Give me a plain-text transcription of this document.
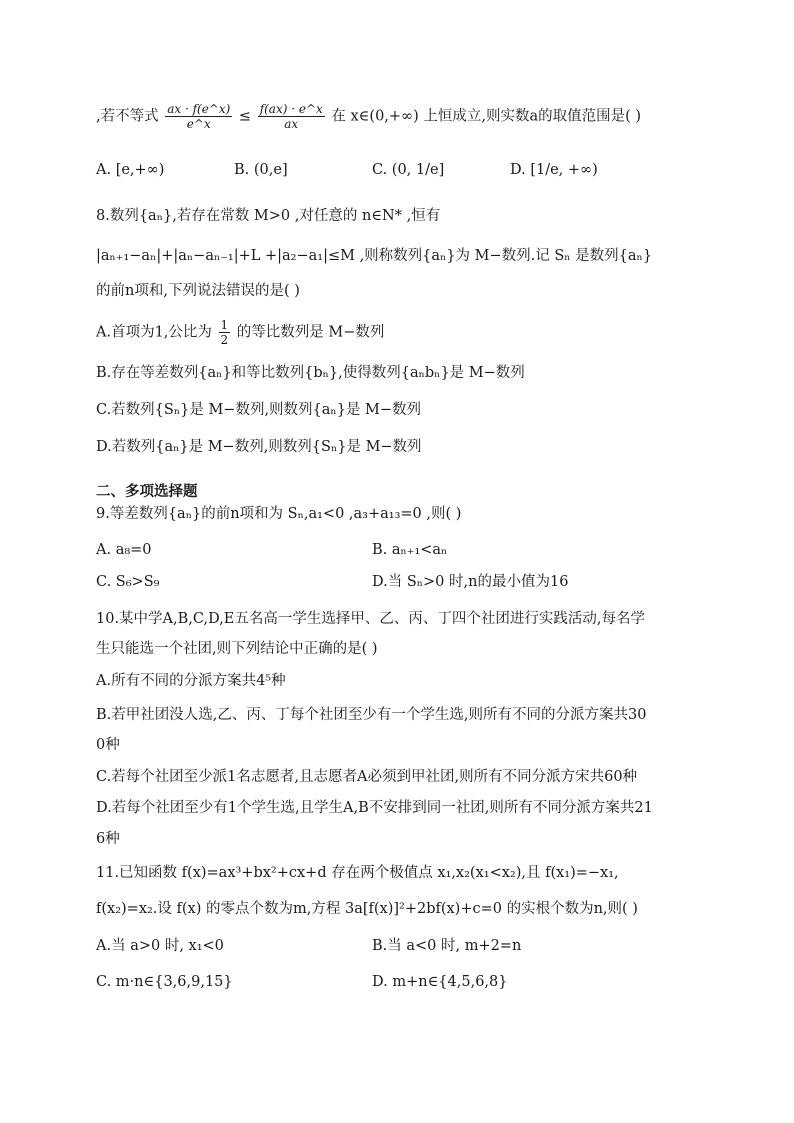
,若不等式 $\frac{ax \cdot f(e\^{}x)}{e\^{}x} \le \frac{f(ax) \cdot e\^{}x}{ax}$ 在 x∈(0,+∞) 上恒成立,则实数a的取值范围是( )
A. [e,+∞)	B. (0,e]	C. (0, 1/e]	D. [1/e, +∞)
8.数列{aₙ},若存在常数 M>0 ,对任意的 n∈N* ,恒有
|aₙ₊₁−aₙ|+|aₙ−aₙ₋₁|+L +|a₂−a₁|≤M ,则称数列{aₙ}为 M−数列.记 Sₙ 是数列{aₙ}
的前n项和,下列说法错误的是( )
A.首项为1,公比为 $\frac{1}{2}$ 的等比数列是 M−数列
B.存在等差数列{aₙ}和等比数列{bₙ},使得数列{aₙbₙ}是 M−数列
C.若数列{Sₙ}是 M−数列,则数列{aₙ}是 M−数列
D.若数列{aₙ}是 M−数列,则数列{Sₙ}是 M−数列
二、多项选择题
9.等差数列{aₙ}的前n项和为 Sₙ,a₁<0 ,a₃+a₁₃=0 ,则( )
A. a₈=0	B. aₙ₊₁<aₙ
C. S₆>S₉	D.当 Sₙ>0 时,n的最小值为16
10.某中学A,B,C,D,E五名高一学生选择甲、乙、丙、丁四个社团进行实践活动,每名学
生只能选一个社团,则下列结论中正确的是( )
A.所有不同的分派方案共4⁵种
B.若甲社团没人选,乙、丙、丁每个社团至少有一个学生选,则所有不同的分派方案共30
0种
C.若每个社团至少派1名志愿者,且志愿者A必须到甲社团,则所有不同分派方宋共60种
D.若每个社团至少有1个学生选,且学生A,B不安排到同一社团,则所有不同分派方案共21
6种
11.已知函数 f(x)=ax³+bx²+cx+d 存在两个极值点 x₁,x₂(x₁<x₂),且 f(x₁)=−x₁,
f(x₂)=x₂.设 f(x) 的零点个数为m,方程 3a[f(x)]²+2bf(x)+c=0 的实根个数为n,则( )
A.当 a>0 时, x₁<0	B.当 a<0 时, m+2=n
C. m·n∈{3,6,9,15}	D. m+n∈{4,5,6,8}
